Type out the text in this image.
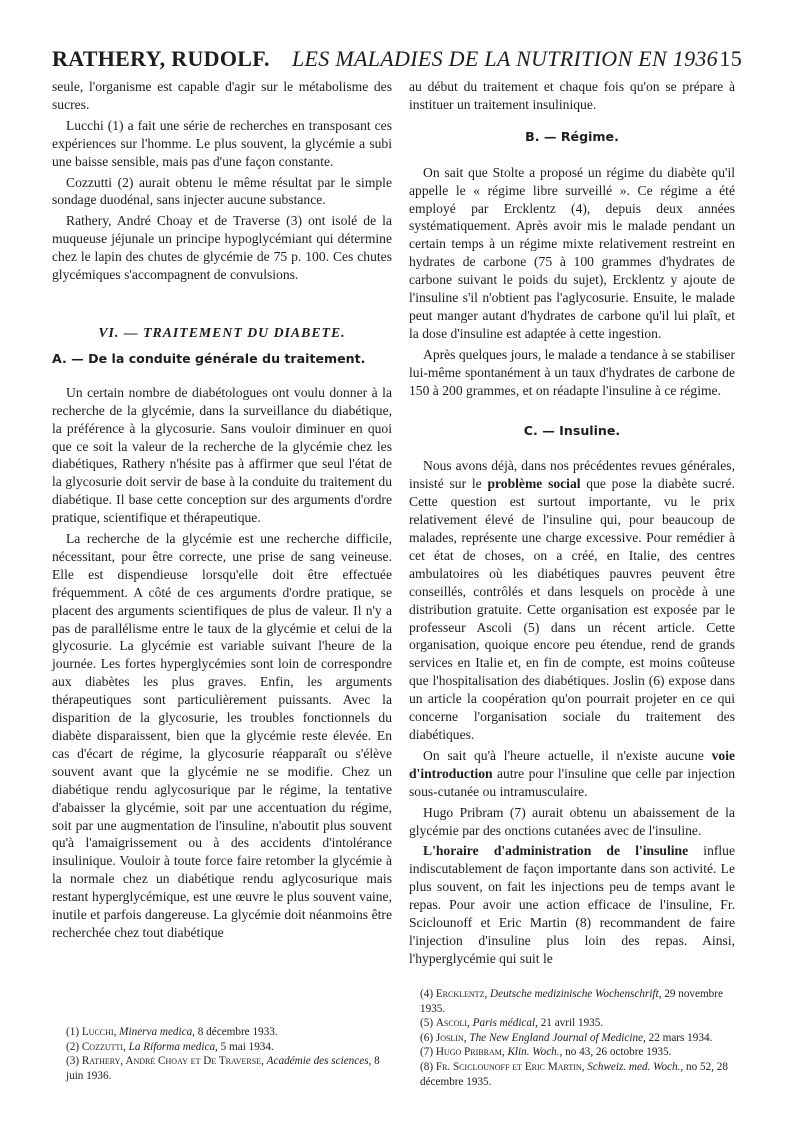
RATHERY, RUDOLF. LES MALADIES DE LA NUTRITION EN 1936 15

seule, l'organisme est capable d'agir sur le métabolisme des sucres.

Lucchi (1) a fait une série de recherches en transposant ces expériences sur l'homme. Le plus souvent, la glycémie a subi une baisse sensible, mais pas d'une façon constante.

Cozzutti (2) aurait obtenu le même résultat par le simple sondage duodénal, sans injecter aucune substance.

Rathery, André Choay et de Traverse (3) ont isolé de la muqueuse jéjunale un principe hypoglycémiant qui détermine chez le lapin des chutes de glycémie de 75 p. 100. Ces chutes glycémiques s'accompagnent de convulsions.

VI. — TRAITEMENT DU DIABETE.
A. — De la conduite générale du traitement.

Un certain nombre de diabétologues ont voulu donner à la recherche de la glycémie, dans la surveillance du diabétique, la préférence à la glycosurie. Sans vouloir diminuer en quoi que ce soit la valeur de la recherche de la glycémie chez les diabétiques, Rathery n'hésite pas à affirmer que seul l'état de la glycosurie doit servir de base à la conduite du traitement du diabétique. Il base cette conception sur des arguments d'ordre pratique, scientifique et thérapeutique.

La recherche de la glycémie est une recherche difficile, nécessitant, pour être correcte, une prise de sang veineuse. Elle est dispendieuse lorsqu'elle doit être effectuée fréquemment. A côté de ces arguments d'ordre pratique, se placent des arguments scientifiques de plus de valeur. Il n'y a pas de parallélisme entre le taux de la glycémie et celui de la glycosurie. La glycémie est variable suivant l'heure de la journée. Les fortes hyperglycémies sont loin de correspondre aux diabètes les plus graves. Enfin, les arguments thérapeutiques sont particulièrement puissants. Avec la disparition de la glycosurie, les troubles fonctionnels du diabète disparaissent, bien que la glycémie reste élevée. En cas d'écart de régime, la glycosurie réapparaît ou s'élève souvent avant que la glycémie ne se modifie. Chez un diabétique rendu aglycosurique par le régime, la tentative d'abaisser la glycémie, soit par une accentuation du régime, soit par une augmentation de l'insuline, n'aboutit plus souvent qu'à l'amaigrissement ou à des accidents d'intolérance insulinique. Vouloir à toute force faire retomber la glycémie à la normale chez un diabétique rendu aglycosurique mais restant hyperglycémique, est une œuvre le plus souvent vaine, inutile et parfois dangereuse. La glycémie doit néanmoins être recherchée chez tout diabétique

au début du traitement et chaque fois qu'on se prépare à instituer un traitement insulinique.

B. — Régime.

On sait que Stolte a proposé un régime du diabète qu'il appelle le « régime libre surveillé ». Ce régime a été employé par Ercklentz (4), depuis deux années systématiquement. Après avoir mis le malade pendant un certain temps à un régime mixte relativement restreint en hydrates de carbone (75 à 100 grammes d'hydrates de carbone suivant le poids du sujet), Ercklentz y ajoute de l'insuline s'il n'obtient pas l'aglycosurie. Ensuite, le malade peut manger autant d'hydrates de carbone qu'il lui plaît, et la dose d'insuline est adaptée à cette ingestion.

Après quelques jours, le malade a tendance à se stabiliser lui-même spontanément à un taux d'hydrates de carbone de 150 à 200 grammes, et on réadapte l'insuline à ce régime.

C. — Insuline.

Nous avons déjà, dans nos précédentes revues générales, insisté sur le problème social que pose la diabète sucré. Cette question est surtout importante, vu le prix relativement élevé de l'insuline qui, pour beaucoup de malades, représente une charge excessive. Pour remédier à cet état de choses, on a créé, en Italie, des centres ambulatoires où les diabétiques pauvres peuvent être conseillés, contrôlés et dans lesquels on procède à une distribution gratuite. Cette organisation est exposée par le professeur Ascoli (5) dans un récent article. Cette organisation, quoique encore peu étendue, rend de grands services en Italie et, en fin de compte, est moins coûteuse que l'hospitalisation des diabétiques. Joslin (6) expose dans un article la coopération qu'on pourrait projeter en ce qui concerne l'organisation sociale du traitement des diabétiques.

On sait qu'à l'heure actuelle, il n'existe aucune voie d'introduction autre pour l'insuline que celle par injection sous-cutanée ou intramusculaire.

Hugo Pribram (7) aurait obtenu un abaissement de la glycémie par des onctions cutanées avec de l'insuline.

L'horaire d'administration de l'insuline influe indiscutablement de façon importante dans son activité. Le plus souvent, on fait les injections peu de temps avant le repas. Pour avoir une action efficace de l'insuline, Fr. Sciclounoff et Eric Martin (8) recommandent de faire l'injection d'insuline plus loin des repas. Ainsi, l'hyperglycémie qui suit le

(1) Lucchi, Minerva medica, 8 décembre 1933.
(2) Cozzutti, La Riforma medica, 5 mai 1934.
(3) Rathery, André Choay et De Traverse, Académie des sciences, 8 juin 1936.
(4) Ercklentz, Deutsche medizinische Wochenschrift, 29 novembre 1935.
(5) Ascoli, Paris médical, 21 avril 1935.
(6) Joslin, The New England Journal of Medicine, 22 mars 1934.
(7) Hugo Pribram, Klin. Woch., no 43, 26 octobre 1935.
(8) Fr. Sciclounoff et Eric Martin, Schweiz. med. Woch., no 52, 28 décembre 1935.
